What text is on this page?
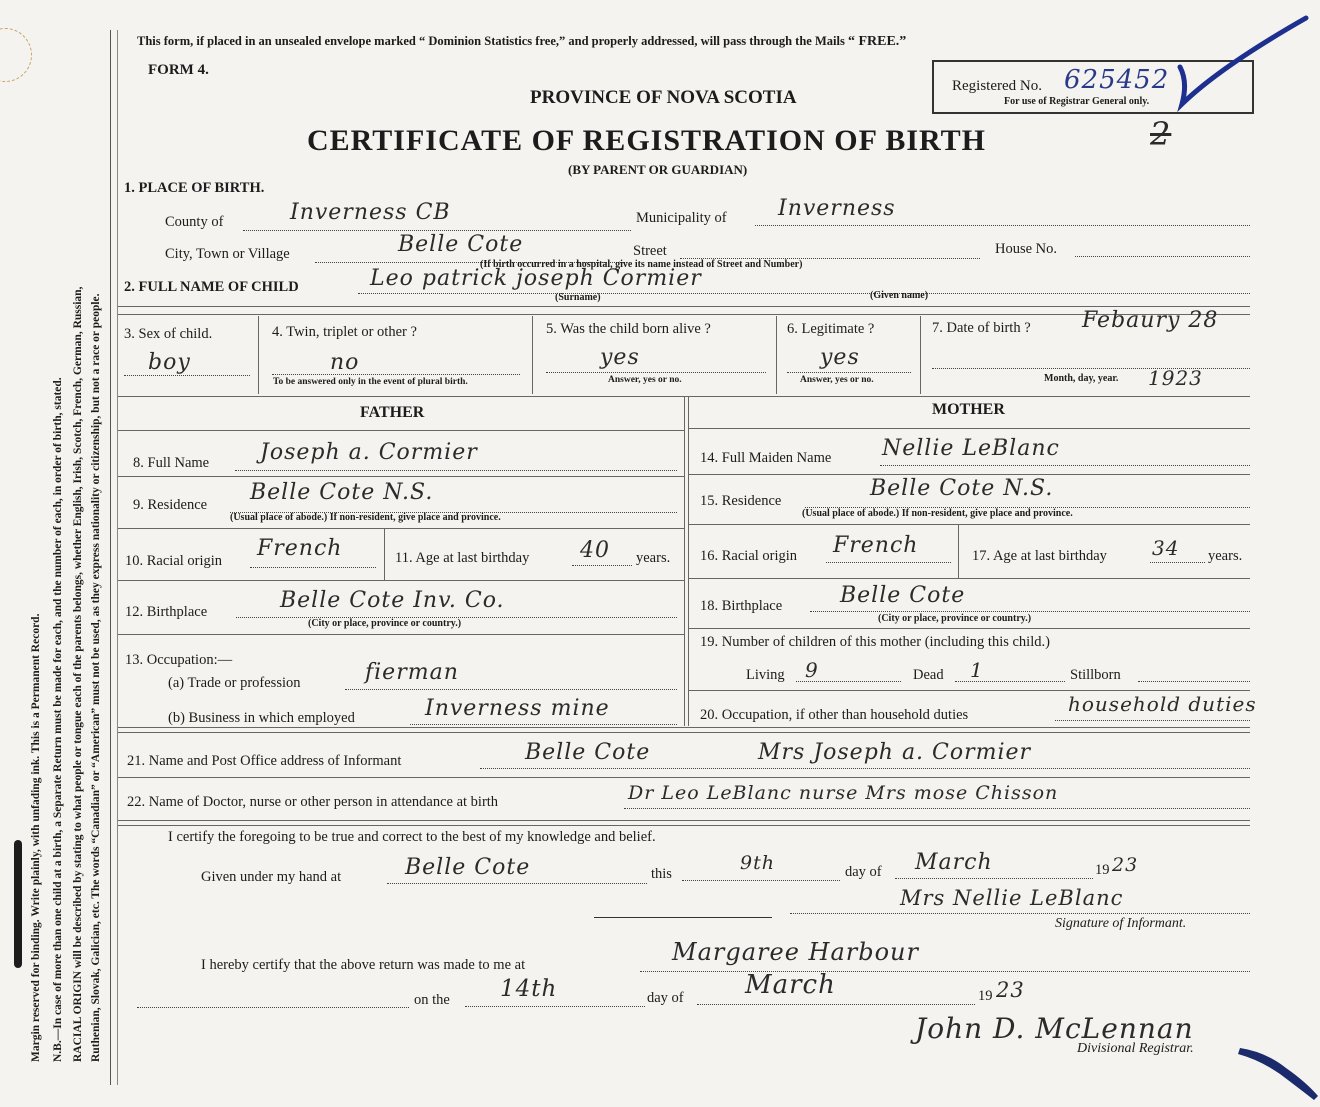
Margin reserved for binding. Write plainly, with unfading ink. This is a Permanent Record. N.B.—In case of more than one child at a birth, a Separate Return must be made for each, and the number of each, in order of birth, stated. RACIAL ORIGIN will be described by stating to what people or tongue each of the parents belongs, whether English, Irish, Scotch, French, German, Russian, Ruthenian, Slovak, Galician, etc. The words “Canadian” or “American” must not be used, as they express nationality or citizenship, but not a race or people.
This form, if placed in an unsealed envelope marked “ Dominion Statistics free,” and properly addressed, will pass through the Mails “ FREE.”
FORM 4.
PROVINCE OF NOVA SCOTIA
Registered No. 625452
For use of Registrar General only.
2
CERTIFICATE OF REGISTRATION OF BIRTH
(BY PARENT OR GUARDIAN)
1. PLACE OF BIRTH.
County of	Inverness CB	Municipality of Inverness
City, Town or Village	Belle Cote	Street	House No.
(If birth occurred in a hospital, give its name instead of Street and Number)
2. FULL NAME OF CHILD	Leo patrick joseph Cormier
(Surname)	(Given name)
3. Sex of child.
boy
4. Twin, triplet or other ?
no
To be answered only in the event of plural birth.
5. Was the child born alive ?
yes
Answer, yes or no.
6. Legitimate ?
yes
Answer, yes or no.
7. Date of birth ? Febaury 28
Month, day, year. 1923
FATHER
8. Full Name Joseph a. Cormier
9. Residence Belle Cote N.S.
(Usual place of abode.) If non-resident, give place and province.
10. Racial origin French	11. Age at last birthday 40 years.
12. Birthplace	Belle Cote Inv. Co.
(City or place, province or country.)
13. Occupation:—
(a) Trade or profession	fierman
(b) Business in which employed	Inverness mine
MOTHER
14. Full Maiden Name Nellie LeBlanc
15. Residence	Belle Cote N.S.
(Usual place of abode.) If non-resident, give place and province.
16. Racial origin French	17. Age at last birthday 34 years.
18. Birthplace	Belle Cote
(City or place, province or country.)
19. Number of children of this mother (including this child.)
Living 9	Dead 1	Stillborn
20. Occupation, if other than household duties	household duties
21. Name and Post Office address of Informant	Belle Cote	Mrs Joseph a. Cormier
22. Name of Doctor, nurse or other person in attendance at birth	Dr Leo LeBlanc nurse Mrs mose Chisson
I certify the foregoing to be true and correct to the best of my knowledge and belief.
Given under my hand at	Belle Cote	this	9th	day of March	19 23
Mrs Nellie LeBlanc
Signature of Informant.
I hereby certify that the above return was made to me at	Margaree Harbour
on the 14th	day of March	19 23
John D. McLennan
Divisional Registrar.
